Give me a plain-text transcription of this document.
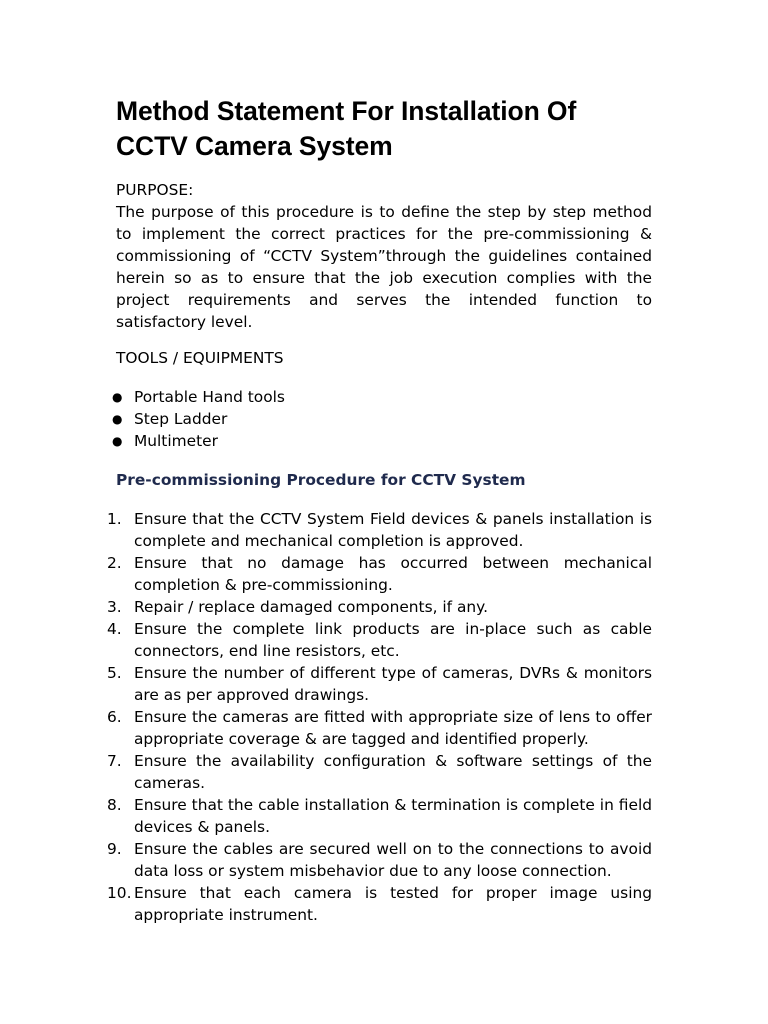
Method Statement For Installation Of CCTV Camera System
PURPOSE:

The purpose of this procedure is to define the step by step method to implement the correct practices for the pre-commissioning & commissioning of “CCTV System”through the guidelines contained herein so as to ensure that the job execution complies with the project requirements and serves the intended function to satisfactory level.

TOOLS / EQUIPMENTS
● Portable Hand tools
● Step Ladder
● Multimeter
Pre-commissioning Procedure for CCTV System
1. Ensure that the CCTV System Field devices & panels installation is complete and mechanical completion is approved.
2. Ensure that no damage has occurred between mechanical completion & pre-commissioning.
3. Repair / replace damaged components, if any.
4. Ensure the complete link products are in-place such as cable connectors, end line resistors, etc.
5. Ensure the number of different type of cameras, DVRs & monitors are as per approved drawings.
6. Ensure the cameras are fitted with appropriate size of lens to offer appropriate coverage & are tagged and identified properly.
7. Ensure the availability configuration & software settings of the cameras.
8. Ensure that the cable installation & termination is complete in field devices & panels.
9. Ensure the cables are secured well on to the connections to avoid data loss or system misbehavior due to any loose connection.
10. Ensure that each camera is tested for proper image using appropriate instrument.
